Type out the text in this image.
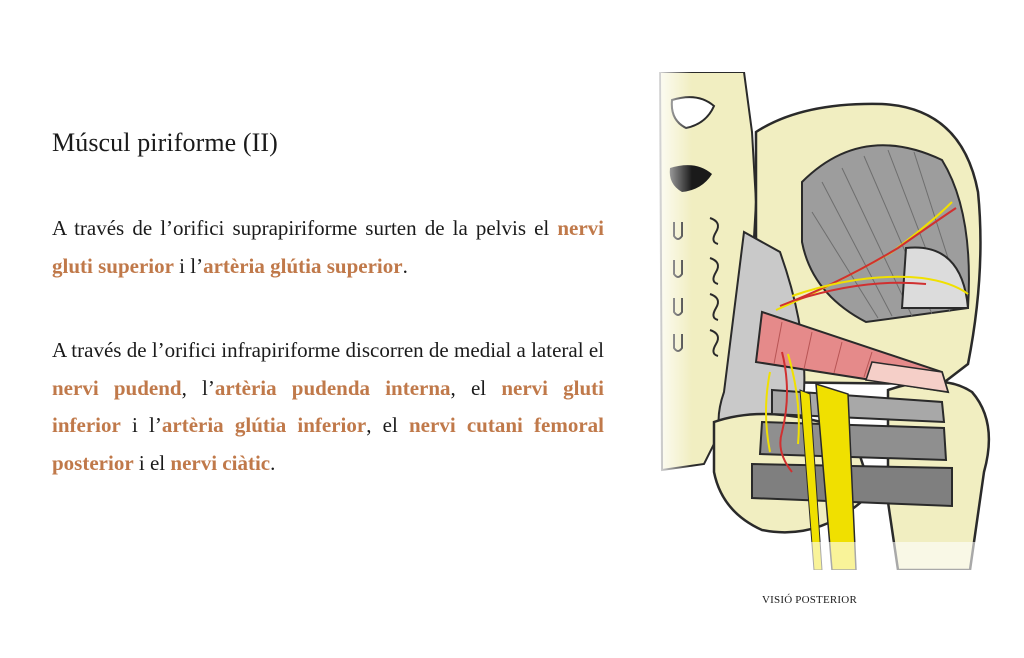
Múscul piriforme (II)

A través de l’orifici suprapiriforme surten de la pelvis el nervi gluti superior i l’artèria glútia superior.

A través de l’orifici infrapiriforme discorren de medial a lateral el nervi pudend, l’artèria pudenda interna, el nervi gluti inferior i l’artèria glútia inferior, el nervi cutani femoral posterior i el nervi ciàtic.

VISIÓ POSTERIOR
